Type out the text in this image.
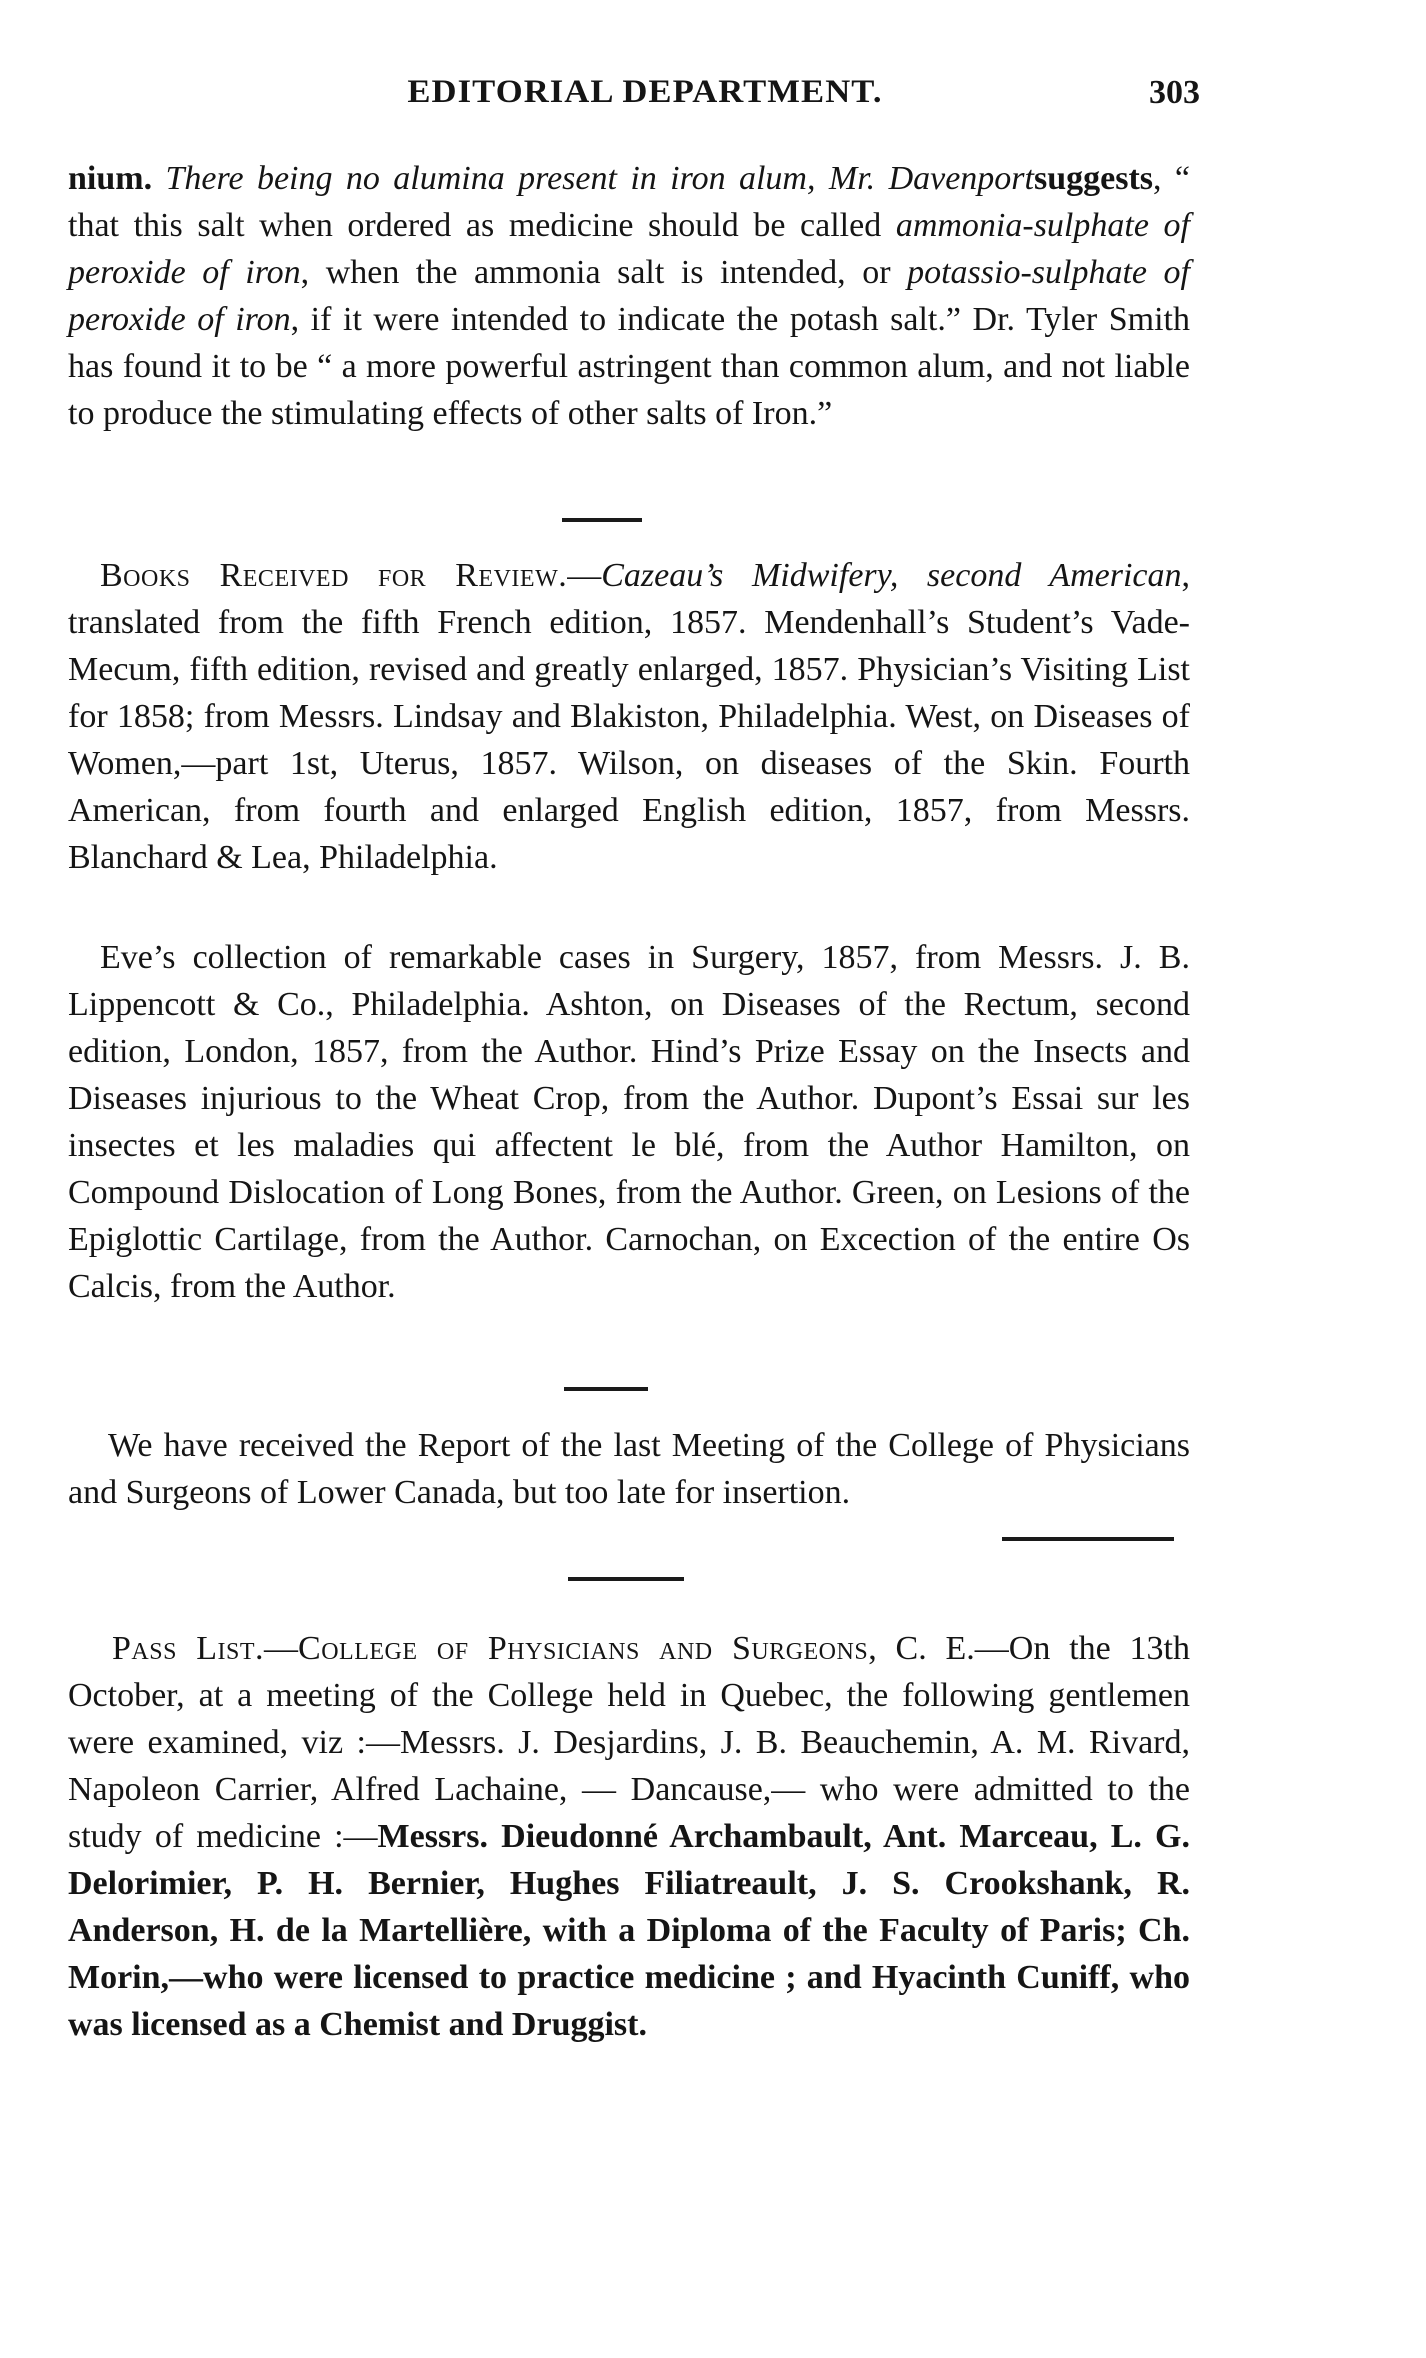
EDITORIAL DEPARTMENT.	303

nium. There being no alumina present in iron alum, Mr. Davenportsuggests, “ that this salt when ordered as medicine should be called ammonia-sulphate of peroxide of iron, when the ammonia salt is intended, or potassio-sulphate of peroxide of iron, if it were intended to indicate the potash salt.” Dr. Tyler Smith has found it to be “ a more powerful astringent than common alum, and not liable to produce the stimulating effects of other salts of Iron.”

Books Received for Review.—Cazeau’s Midwifery, second American, translated from the fifth French edition, 1857. Mendenhall’s Student’s Vade-Mecum, fifth edition, revised and greatly enlarged, 1857. Physician’s Visiting List for 1858; from Messrs. Lindsay and Blakiston, Philadelphia. West, on Diseases of Women,—part 1st, Uterus, 1857. Wilson, on diseases of the Skin. Fourth American, from fourth and enlarged English edition, 1857, from Messrs. Blanchard & Lea, Philadelphia.

Eve’s collection of remarkable cases in Surgery, 1857, from Messrs. J. B. Lippencott & Co., Philadelphia. Ashton, on Diseases of the Rectum, second edition, London, 1857, from the Author. Hind’s Prize Essay on the Insects and Diseases injurious to the Wheat Crop, from the Author. Dupont’s Essai sur les insectes et les maladies qui affectent le blé, from the Author Hamilton, on Compound Dislocation of Long Bones, from the Author. Green, on Lesions of the Epiglottic Cartilage, from the Author. Carnochan, on Excection of the entire Os Calcis, from the Author.

We have received the Report of the last Meeting of the College of Physicians and Surgeons of Lower Canada, but too late for insertion.

Pass List.—College of Physicians and Surgeons, C. E.—On the 13th October, at a meeting of the College held in Quebec, the following gentlemen were examined, viz :—Messrs. J. Desjardins, J. B. Beauchemin, A. M. Rivard, Napoleon Carrier, Alfred Lachaine, — Dancause,— who were admitted to the study of medicine :—Messrs. Dieudonné Archambault, Ant. Marceau, L. G. Delorimier, P. H. Bernier, Hughes Filiatreault, J. S. Crookshank, R. Anderson, H. de la Martellière, with a Diploma of the Faculty of Paris; Ch. Morin,—who were licensed to practice medicine ; and Hyacinth Cuniff, who was licensed as a Chemist and Druggist.
